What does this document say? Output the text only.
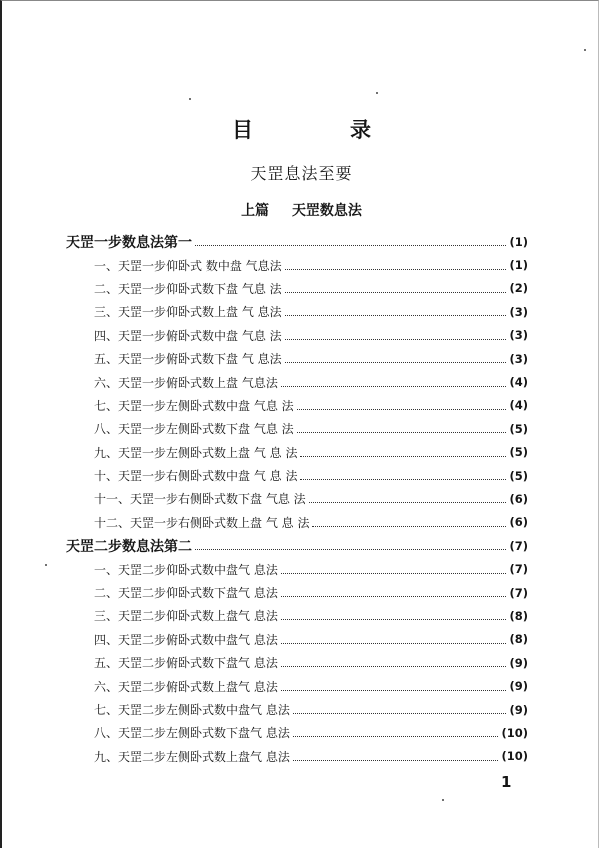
目　录
天罡息法至要
上篇 天罡数息法
天罡一步数息法第一	(1)
一、天罡一步仰卧式 数中盘 气息法	(1)
二、天罡一步仰卧式数下盘 气息 法	(2)
三、天罡一步仰卧式数上盘 气 息法	(3)
四、天罡一步俯卧式数中盘 气息 法	(3)
五、天罡一步俯卧式数下盘 气 息法	(3)
六、天罡一步俯卧式数上盘 气息法	(4)
七、天罡一步左侧卧式数中盘 气息 法	(4)
八、天罡一步左侧卧式数下盘 气息 法	(5)
九、天罡一步左侧卧式数上盘 气 息 法	(5)
十、天罡一步右侧卧式数中盘 气 息 法	(5)
十一、天罡一步右侧卧式数下盘 气息 法	(6)
十二、天罡一步右侧卧式数上盘 气 息 法	(6)
天罡二步数息法第二	(7)
一、天罡二步仰卧式数中盘气 息法	(7)
二、天罡二步仰卧式数下盘气 息法	(7)
三、天罡二步仰卧式数上盘气 息法	(8)
四、天罡二步俯卧式数中盘气 息法	(8)
五、天罡二步俯卧式数下盘气 息法	(9)
六、天罡二步俯卧式数上盘气 息法	(9)
七、天罡二步左侧卧式数中盘气 息法	(9)
八、天罡二步左侧卧式数下盘气 息法	(10)
九、天罡二步左侧卧式数上盘气 息法	(10)
1
